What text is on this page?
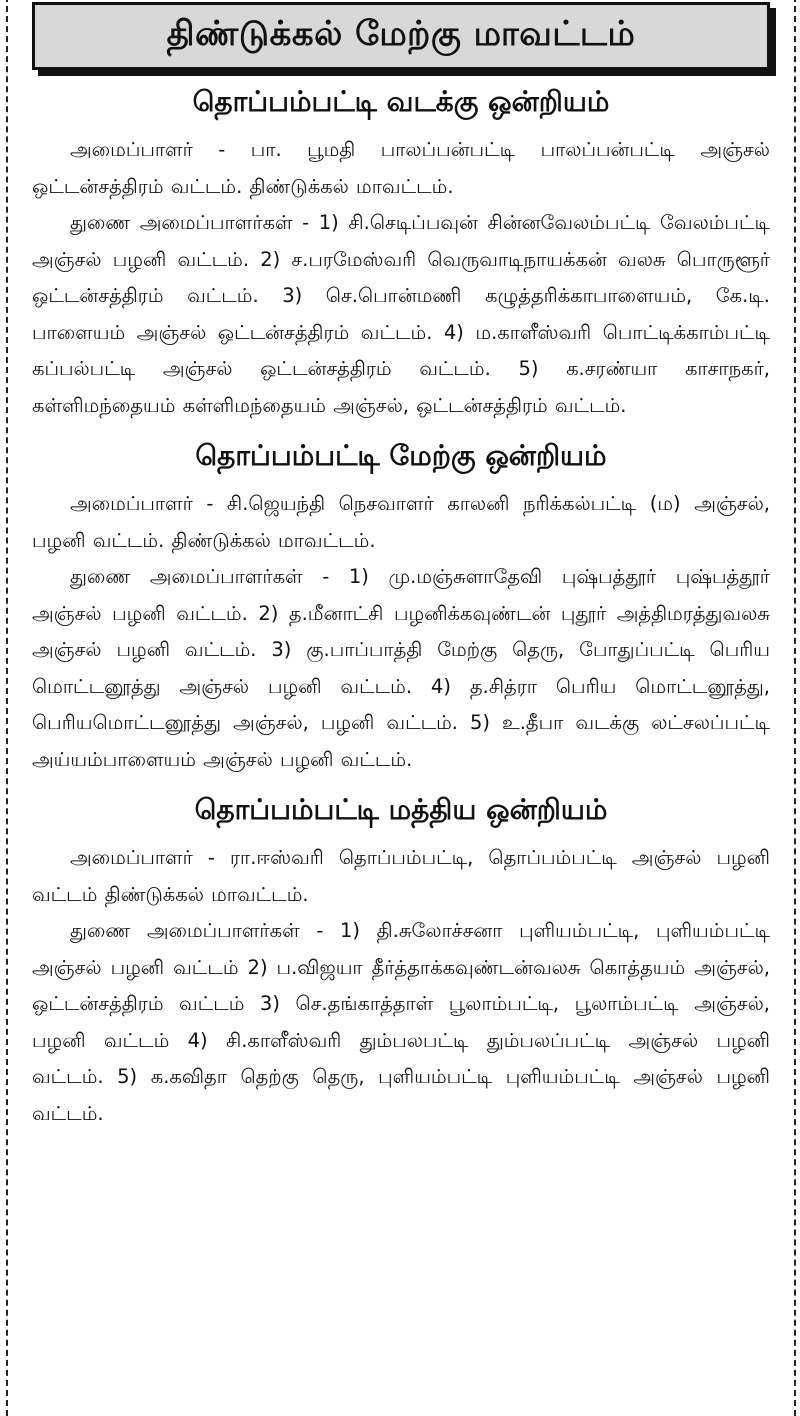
திண்டுக்கல் மேற்கு மாவட்டம்
தொப்பம்பட்டி வடக்கு ஒன்றியம்

அமைப்பாளர் - பா. பூமதி பாலப்பன்பட்டி பாலப்பன்பட்டி அஞ்சல் ஒட்டன்சத்திரம் வட்டம். திண்டுக்கல் மாவட்டம்.

துணை அமைப்பாளர்கள் - 1) சி.செடிப்பவுன் சின்னவேலம்பட்டி வேலம்பட்டி அஞ்சல் பழனி வட்டம். 2) ச.பரமேஸ்வரி வெருவாடிநாயக்கன் வலசு பொருளூர் ஒட்டன்சத்திரம் வட்டம். 3) செ.பொன்மணி கழுத்தரிக்காபாளையம், கே.டி. பாளையம் அஞ்சல் ஒட்டன்சத்திரம் வட்டம். 4) ம.காளீஸ்வரி பொட்டிக்காம்பட்டி கப்பல்பட்டி அஞ்சல் ஒட்டன்சத்திரம் வட்டம். 5) க.சரண்யா காசாநகர், கள்ளிமந்தையம் கள்ளிமந்தையம் அஞ்சல், ஒட்டன்சத்திரம் வட்டம்.

தொப்பம்பட்டி மேற்கு ஒன்றியம்

அமைப்பாளர் - சி.ஜெயந்தி நெசவாளர் காலனி நரிக்கல்பட்டி (ம) அஞ்சல், பழனி வட்டம். திண்டுக்கல் மாவட்டம்.

துணை அமைப்பாளர்கள் - 1) மு.மஞ்சுளாதேவி புஷ்பத்தூர் புஷ்பத்தூர் அஞ்சல் பழனி வட்டம். 2) த.மீனாட்சி பழனிக்கவுண்டன் புதூர் அத்திமரத்துவலசு அஞ்சல் பழனி வட்டம். 3) கு.பாப்பாத்தி மேற்கு தெரு, போதுப்பட்டி பெரிய மொட்டனூத்து அஞ்சல் பழனி வட்டம். 4) த.சித்ரா பெரிய மொட்டனூத்து, பெரியமொட்டனூத்து அஞ்சல், பழனி வட்டம். 5) உ.தீபா வடக்கு லட்சலப்பட்டி அய்யம்பாளையம் அஞ்சல் பழனி வட்டம்.

தொப்பம்பட்டி மத்திய ஒன்றியம்

அமைப்பாளர் - ரா.ஈஸ்வரி தொப்பம்பட்டி, தொப்பம்பட்டி அஞ்சல் பழனி வட்டம் திண்டுக்கல் மாவட்டம்.

துணை அமைப்பாளர்கள் - 1) தி.சுலோச்சனா புளியம்பட்டி, புளியம்பட்டி அஞ்சல் பழனி வட்டம் 2) ப.விஜயா தீர்த்தாக்கவுண்டன்வலசு கொத்தயம் அஞ்சல், ஒட்டன்சத்திரம் வட்டம் 3) செ.தங்காத்தாள் பூலாம்பட்டி, பூலாம்பட்டி அஞ்சல், பழனி வட்டம் 4) சி.காளீஸ்வரி தும்பலபட்டி தும்பலப்பட்டி அஞ்சல் பழனி வட்டம். 5) க.கவிதா தெற்கு தெரு, புளியம்பட்டி புளியம்பட்டி அஞ்சல் பழனி வட்டம்.
